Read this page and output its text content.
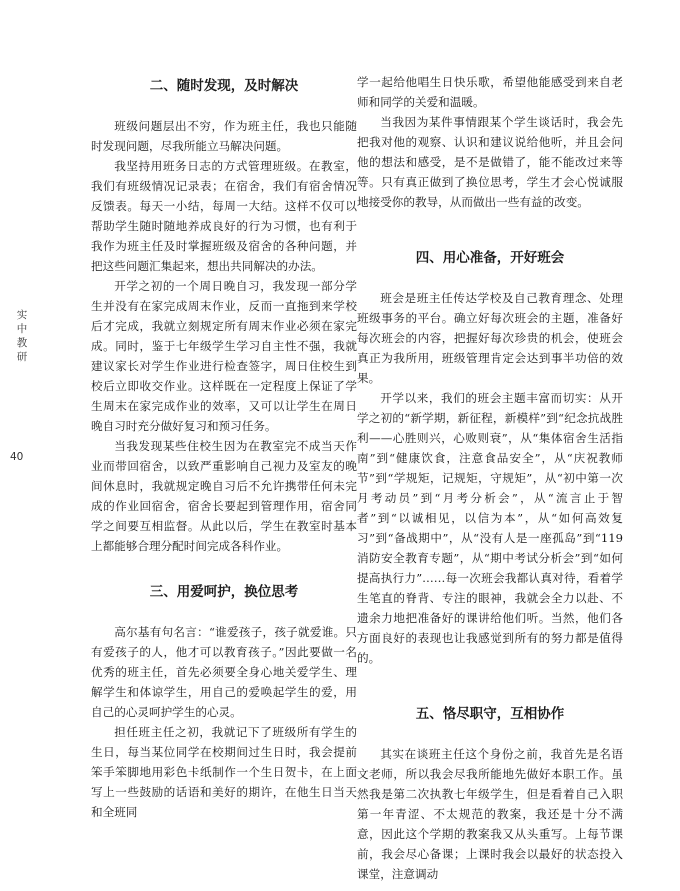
实
中
教
研
40
二、随时发现，及时解决

班级问题层出不穷，作为班主任，我也只能随时发现问题，尽我所能立马解决问题。

我坚持用班务日志的方式管理班级。在教室，我们有班级情况记录表；在宿舍，我们有宿舍情况反馈表。每天一小结，每周一大结。这样不仅可以帮助学生随时随地养成良好的行为习惯，也有利于我作为班主任及时掌握班级及宿舍的各种问题，并把这些问题汇集起来，想出共同解决的办法。

开学之初的一个周日晚自习，我发现一部分学生并没有在家完成周末作业，反而一直拖到来学校后才完成，我就立刻规定所有周末作业必须在家完成。同时，鉴于七年级学生学习自主性不强，我就建议家长对学生作业进行检查签字，周日住校生到校后立即收交作业。这样既在一定程度上保证了学生周末在家完成作业的效率，又可以让学生在周日晚自习时充分做好复习和预习任务。

当我发现某些住校生因为在教室完不成当天作业而带回宿舍，以致严重影响自己视力及室友的晚间休息时，我就规定晚自习后不允许携带任何未完成的作业回宿舍，宿舍长要起到管理作用，宿舍同学之间要互相监督。从此以后，学生在教室时基本上都能够合理分配时间完成各科作业。

三、用爱呵护，换位思考

高尔基有句名言：“谁爱孩子，孩子就爱谁。只有爱孩子的人，他才可以教育孩子。”因此要做一名优秀的班主任，首先必须要全身心地关爱学生、理解学生和体谅学生，用自己的爱唤起学生的爱，用自己的心灵呵护学生的心灵。

担任班主任之初，我就记下了班级所有学生的生日，每当某位同学在校期间过生日时，我会提前笨手笨脚地用彩色卡纸制作一个生日贺卡，在上面写上一些鼓励的话语和美好的期许，在他生日当天和全班同

学一起给他唱生日快乐歌，希望他能感受到来自老师和同学的关爱和温暖。

当我因为某件事情跟某个学生谈话时，我会先把我对他的观察、认识和建议说给他听，并且会问他的想法和感受，是不是做错了，能不能改过来等等。只有真正做到了换位思考，学生才会心悦诚服地接受你的教导，从而做出一些有益的改变。

四、用心准备，开好班会

班会是班主任传达学校及自己教育理念、处理班级事务的平台。确立好每次班会的主题，准备好每次班会的内容，把握好每次珍贵的机会，使班会真正为我所用，班级管理肯定会达到事半功倍的效果。

开学以来，我们的班会主题丰富而切实：从开学之初的“新学期，新征程，新模样”到“纪念抗战胜利——心胜则兴，心败则衰”，从“集体宿舍生活指南”到“健康饮食，注意食品安全”，从“庆祝教师节”到“学规矩，记规矩，守规矩”，从“初中第一次月考动员”到“月考分析会”，从“流言止于智者”到“以诚相见，以信为本”，从“如何高效复习”到“备战期中”，从“没有人是一座孤岛”到“119 消防安全教育专题”，从“期中考试分析会”到“如何提高执行力”……每一次班会我都认真对待，看着学生笔直的脊背、专注的眼神，我就会全力以赴、不遗余力地把准备好的课讲给他们听。当然，他们各方面良好的表现也让我感觉到所有的努力都是值得的。

五、恪尽职守，互相协作

其实在谈班主任这个身份之前，我首先是名语文老师，所以我会尽我所能地先做好本职工作。虽然我是第二次执教七年级学生，但是看着自己入职第一年青涩、不太规范的教案，我还是十分不满意，因此这个学期的教案我又从头重写。上每节课前，我会尽心备课；上课时我会以最好的状态投入课堂，注意调动
